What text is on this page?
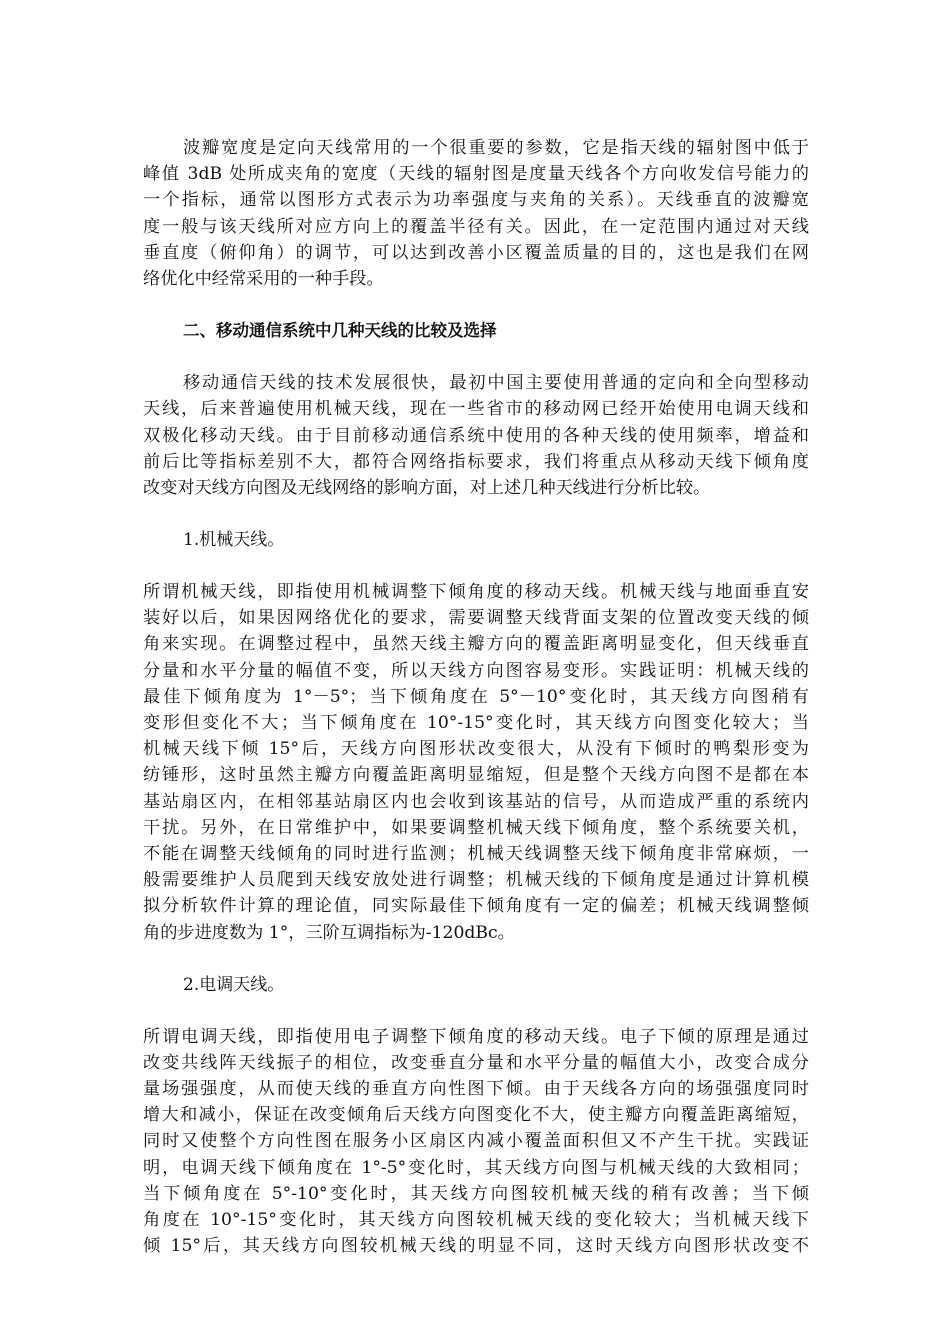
波瓣宽度是定向天线常用的一个很重要的参数，它是指天线的辐射图中低于
峰值 3dB 处所成夹角的宽度（天线的辐射图是度量天线各个方向收发信号能力的
一个指标，通常以图形方式表示为功率强度与夹角的关系）。天线垂直的波瓣宽
度一般与该天线所对应方向上的覆盖半径有关。因此，在一定范围内通过对天线
垂直度（俯仰角）的调节，可以达到改善小区覆盖质量的目的，这也是我们在网
络优化中经常采用的一种手段。
二、移动通信系统中几种天线的比较及选择
移动通信天线的技术发展很快，最初中国主要使用普通的定向和全向型移动
天线，后来普遍使用机械天线，现在一些省市的移动网已经开始使用电调天线和
双极化移动天线。由于目前移动通信系统中使用的各种天线的使用频率，增益和
前后比等指标差别不大，都符合网络指标要求，我们将重点从移动天线下倾角度
改变对天线方向图及无线网络的影响方面，对上述几种天线进行分析比较。
1.机械天线。
所谓机械天线，即指使用机械调整下倾角度的移动天线。机械天线与地面垂直安
装好以后，如果因网络优化的要求，需要调整天线背面支架的位置改变天线的倾
角来实现。在调整过程中，虽然天线主瓣方向的覆盖距离明显变化，但天线垂直
分量和水平分量的幅值不变，所以天线方向图容易变形。实践证明：机械天线的
最佳下倾角度为 1°－5°；当下倾角度在 5°－10°变化时，其天线方向图稍有
变形但变化不大；当下倾角度在 10°-15°变化时，其天线方向图变化较大；当
机械天线下倾 15°后，天线方向图形状改变很大，从没有下倾时的鸭梨形变为
纺锤形，这时虽然主瓣方向覆盖距离明显缩短，但是整个天线方向图不是都在本
基站扇区内，在相邻基站扇区内也会收到该基站的信号，从而造成严重的系统内
干扰。另外，在日常维护中，如果要调整机械天线下倾角度，整个系统要关机，
不能在调整天线倾角的同时进行监测；机械天线调整天线下倾角度非常麻烦，一
般需要维护人员爬到天线安放处进行调整；机械天线的下倾角度是通过计算机模
拟分析软件计算的理论值，同实际最佳下倾角度有一定的偏差；机械天线调整倾
角的步进度数为 1°，三阶互调指标为-120dBc。
2.电调天线。
所谓电调天线，即指使用电子调整下倾角度的移动天线。电子下倾的原理是通过
改变共线阵天线振子的相位，改变垂直分量和水平分量的幅值大小，改变合成分
量场强强度，从而使天线的垂直方向性图下倾。由于天线各方向的场强强度同时
增大和减小，保证在改变倾角后天线方向图变化不大，使主瓣方向覆盖距离缩短，
同时又使整个方向性图在服务小区扇区内减小覆盖面积但又不产生干扰。实践证
明，电调天线下倾角度在 1°-5°变化时，其天线方向图与机械天线的大致相同；
当下倾角度在 5°-10°变化时，其天线方向图较机械天线的稍有改善；当下倾
角度在 10°-15°变化时，其天线方向图较机械天线的变化较大；当机械天线下
倾 15°后，其天线方向图较机械天线的明显不同，这时天线方向图形状改变不
